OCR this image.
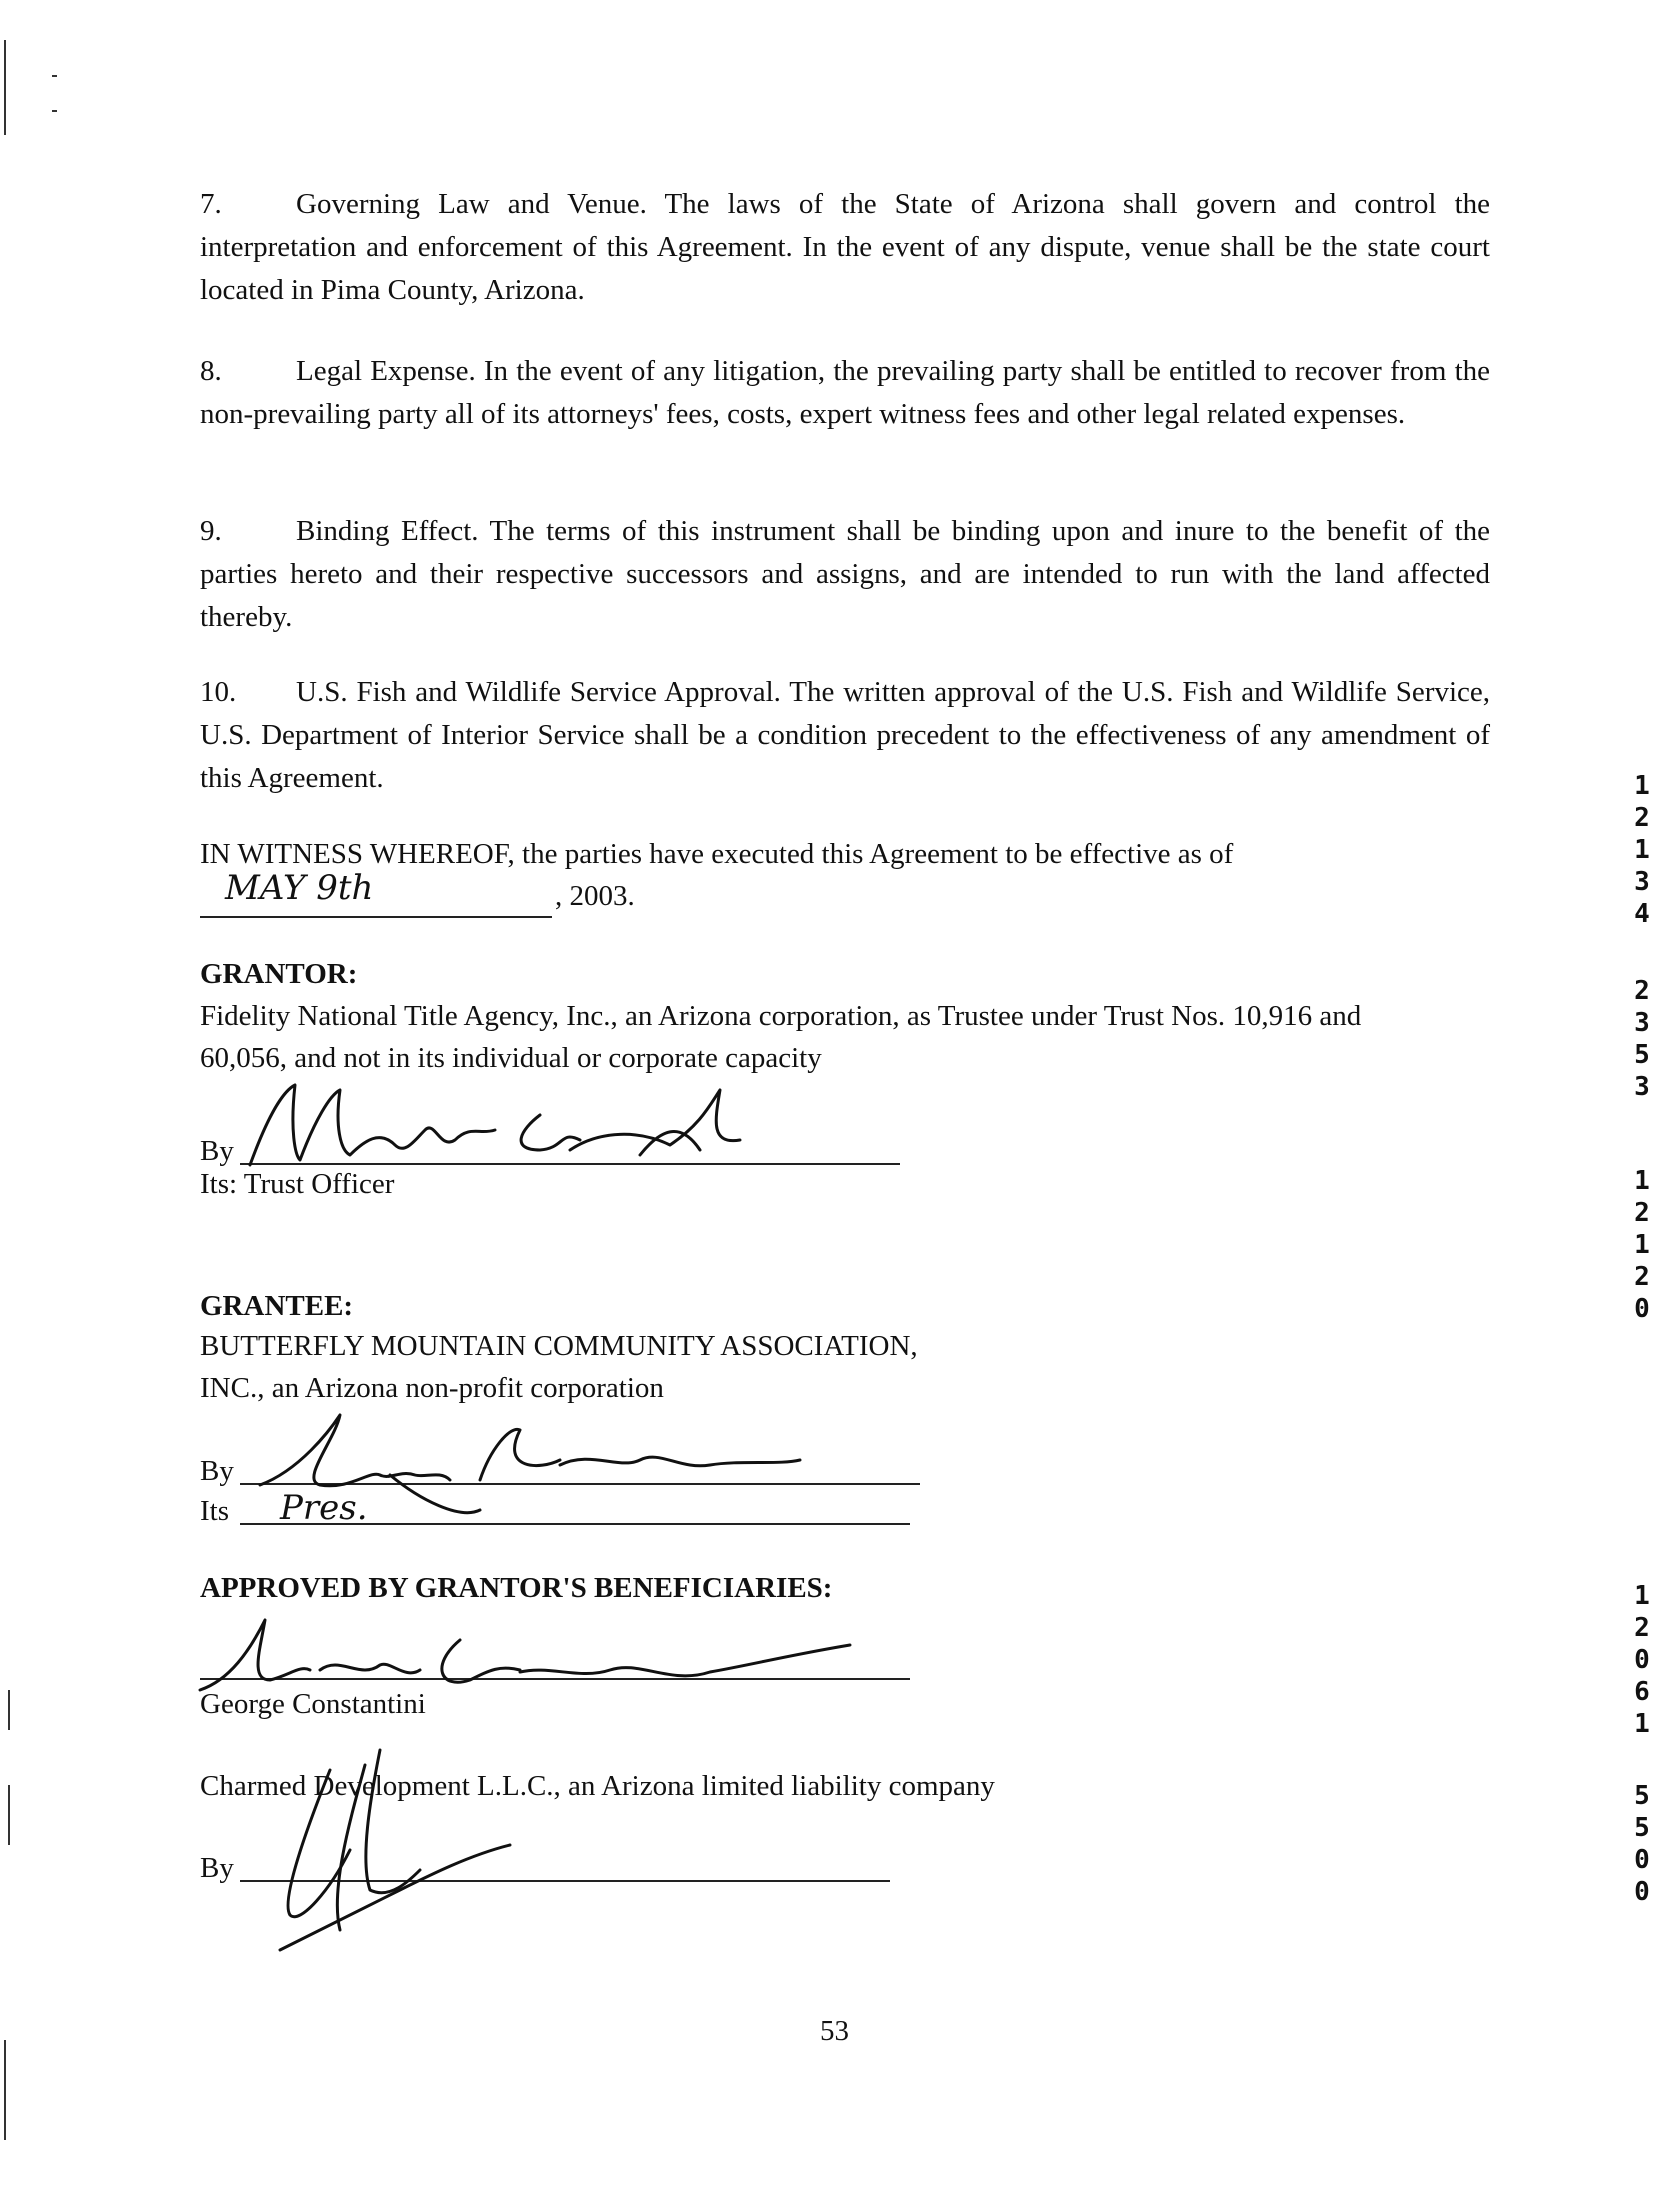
7.	Governing Law and Venue. The laws of the State of Arizona shall govern and control the interpretation and enforcement of this Agreement. In the event of any dispute, venue shall be the state court located in Pima County, Arizona.
8.	Legal Expense. In the event of any litigation, the prevailing party shall be entitled to recover from the non-prevailing party all of its attorneys' fees, costs, expert witness fees and other legal related expenses.
9.	Binding Effect. The terms of this instrument shall be binding upon and inure to the benefit of the parties hereto and their respective successors and assigns, and are intended to run with the land affected thereby.
10. U.S. Fish and Wildlife Service Approval. The written approval of the U.S. Fish and Wildlife Service, U.S. Department of Interior Service shall be a condition precedent to the effectiveness of any amendment of this Agreement.
IN WITNESS WHEREOF, the parties have executed this Agreement to be effective as of
MAY 9th	, 2003.
GRANTOR:
Fidelity National Title Agency, Inc., an Arizona corporation, as Trustee under Trust Nos. 10,916 and
60,056, and not in its individual or corporate capacity
By
Its: Trust Officer
GRANTEE:
BUTTERFLY MOUNTAIN COMMUNITY ASSOCIATION,
INC., an Arizona non-profit corporation
By
Its Pres.
APPROVED BY GRANTOR'S BENEFICIARIES:
George Constantini
Charmed Development L.L.C., an Arizona limited liability company
By
53
1
2
1
3
4
2
3
5
3
1
2
1
2
0
1
2
0
6
1
5
5
0
0
